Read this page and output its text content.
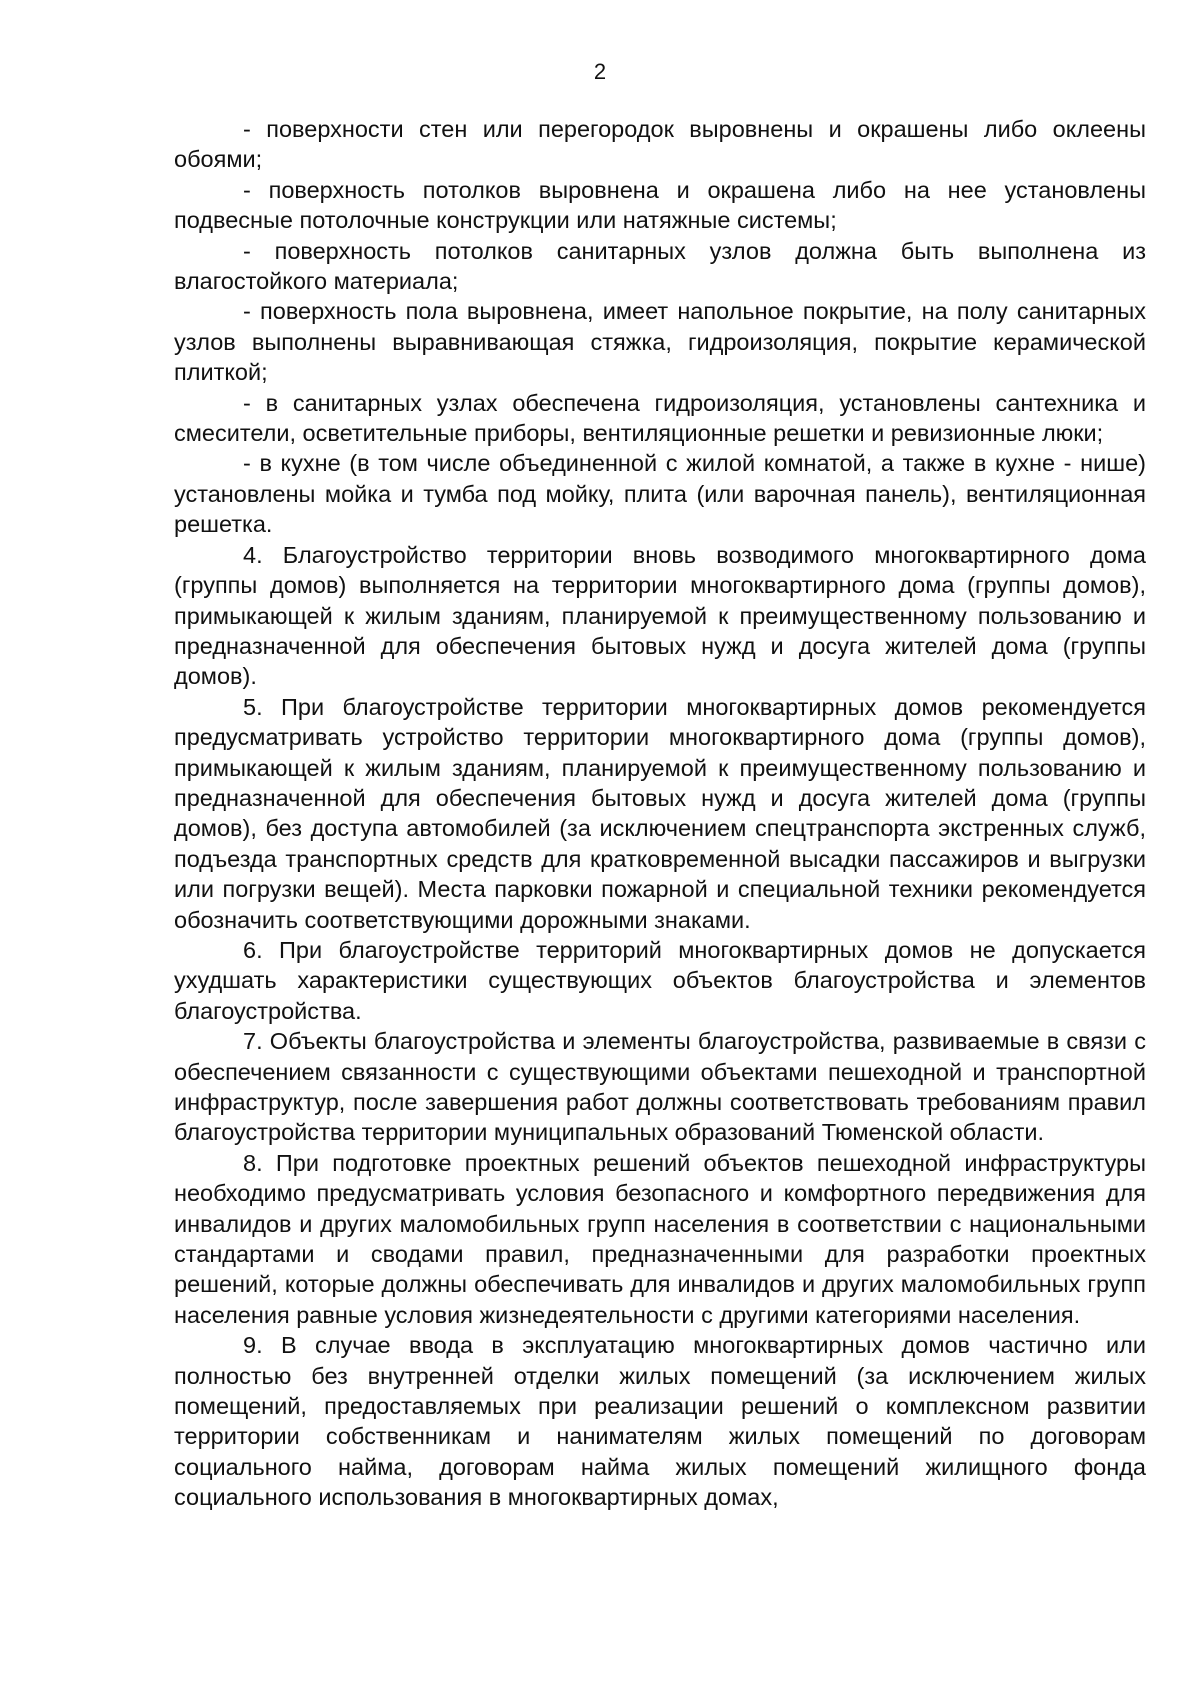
2

- поверхности стен или перегородок выровнены и окрашены либо оклеены обоями;

- поверхность потолков выровнена и окрашена либо на нее установлены подвесные потолочные конструкции или натяжные системы;

- поверхность потолков санитарных узлов должна быть выполнена из влагостойкого материала;

- поверхность пола выровнена, имеет напольное покрытие, на полу санитарных узлов выполнены выравнивающая стяжка, гидроизоляция, покрытие керамической плиткой;

- в санитарных узлах обеспечена гидроизоляция, установлены сантехника и смесители, осветительные приборы, вентиляционные решетки и ревизионные люки;

- в кухне (в том числе объединенной с жилой комнатой, а также в кухне - нише) установлены мойка и тумба под мойку, плита (или варочная панель), вентиляционная решетка.

4. Благоустройство территории вновь возводимого многоквартирного дома (группы домов) выполняется на территории многоквартирного дома (группы домов), примыкающей к жилым зданиям, планируемой к преимущественному пользованию и предназначенной для обеспечения бытовых нужд и досуга жителей дома (группы домов).

5. При благоустройстве территории многоквартирных домов рекомендуется предусматривать устройство территории многоквартирного дома (группы домов), примыкающей к жилым зданиям, планируемой к преимущественному пользованию и предназначенной для обеспечения бытовых нужд и досуга жителей дома (группы домов), без доступа автомобилей (за исключением спецтранспорта экстренных служб, подъезда транспортных средств для кратковременной высадки пассажиров и выгрузки или погрузки вещей). Места парковки пожарной и специальной техники рекомендуется обозначить соответствующими дорожными знаками.

6. При благоустройстве территорий многоквартирных домов не допускается ухудшать характеристики существующих объектов благоустройства и элементов благоустройства.

7. Объекты благоустройства и элементы благоустройства, развиваемые в связи с обеспечением связанности с существующими объектами пешеходной и транспортной инфраструктур, после завершения работ должны соответствовать требованиям правил благоустройства территории муниципальных образований Тюменской области.

8. При подготовке проектных решений объектов пешеходной инфраструктуры необходимо предусматривать условия безопасного и комфортного передвижения для инвалидов и других маломобильных групп населения в соответствии с национальными стандартами и сводами правил, предназначенными для разработки проектных решений, которые должны обеспечивать для инвалидов и других маломобильных групп населения равные условия жизнедеятельности с другими категориями населения.

9. В случае ввода в эксплуатацию многоквартирных домов частично или полностью без внутренней отделки жилых помещений (за исключением жилых помещений, предоставляемых при реализации решений о комплексном развитии территории собственникам и нанимателям жилых помещений по договорам социального найма, договорам найма жилых помещений жилищного фонда социального использования в многоквартирных домах,
